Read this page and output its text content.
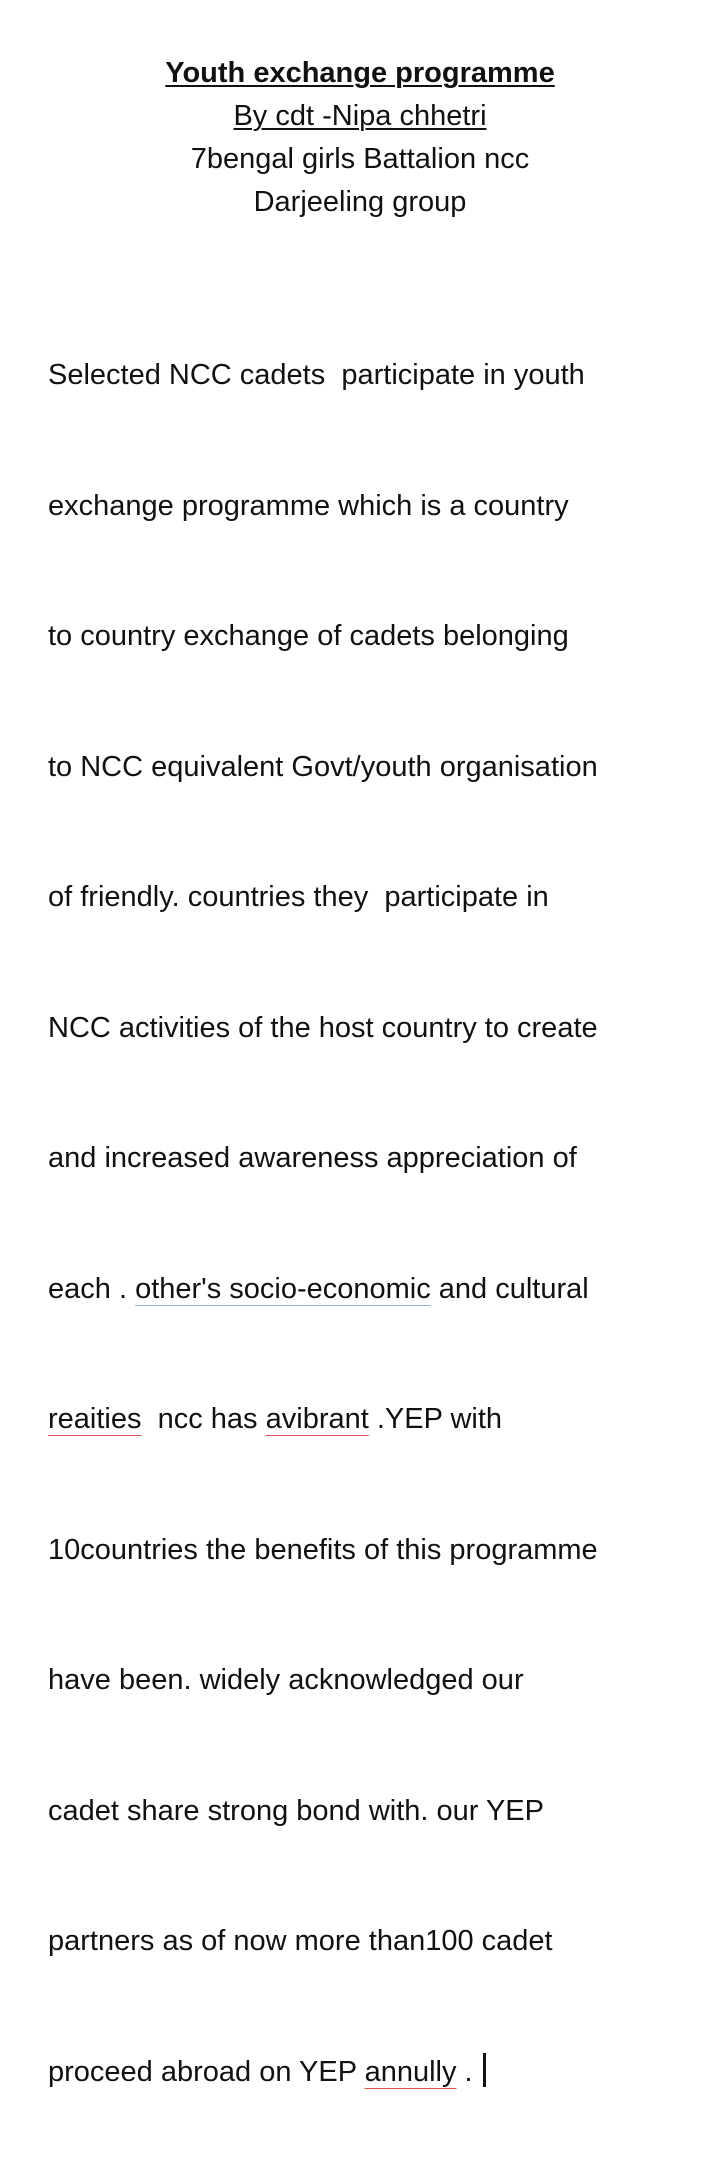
Youth exchange programme
By cdt -Nipa chhetri
7bengal girls Battalion ncc
Darjeeling group

Selected NCC cadets  participate in youth

exchange programme which is a country

to country exchange of cadets belonging

to NCC equivalent Govt/youth organisation

of friendly. countries they  participate in

NCC activities of the host country to create

and increased awareness appreciation of

each . other's socio-economic and cultural

reaities  ncc has avibrant .YEP with

10countries the benefits of this programme

have been. widely acknowledged our

cadet share strong bond with. our YEP

partners as of now more than100 cadet

proceed abroad on YEP annully .
